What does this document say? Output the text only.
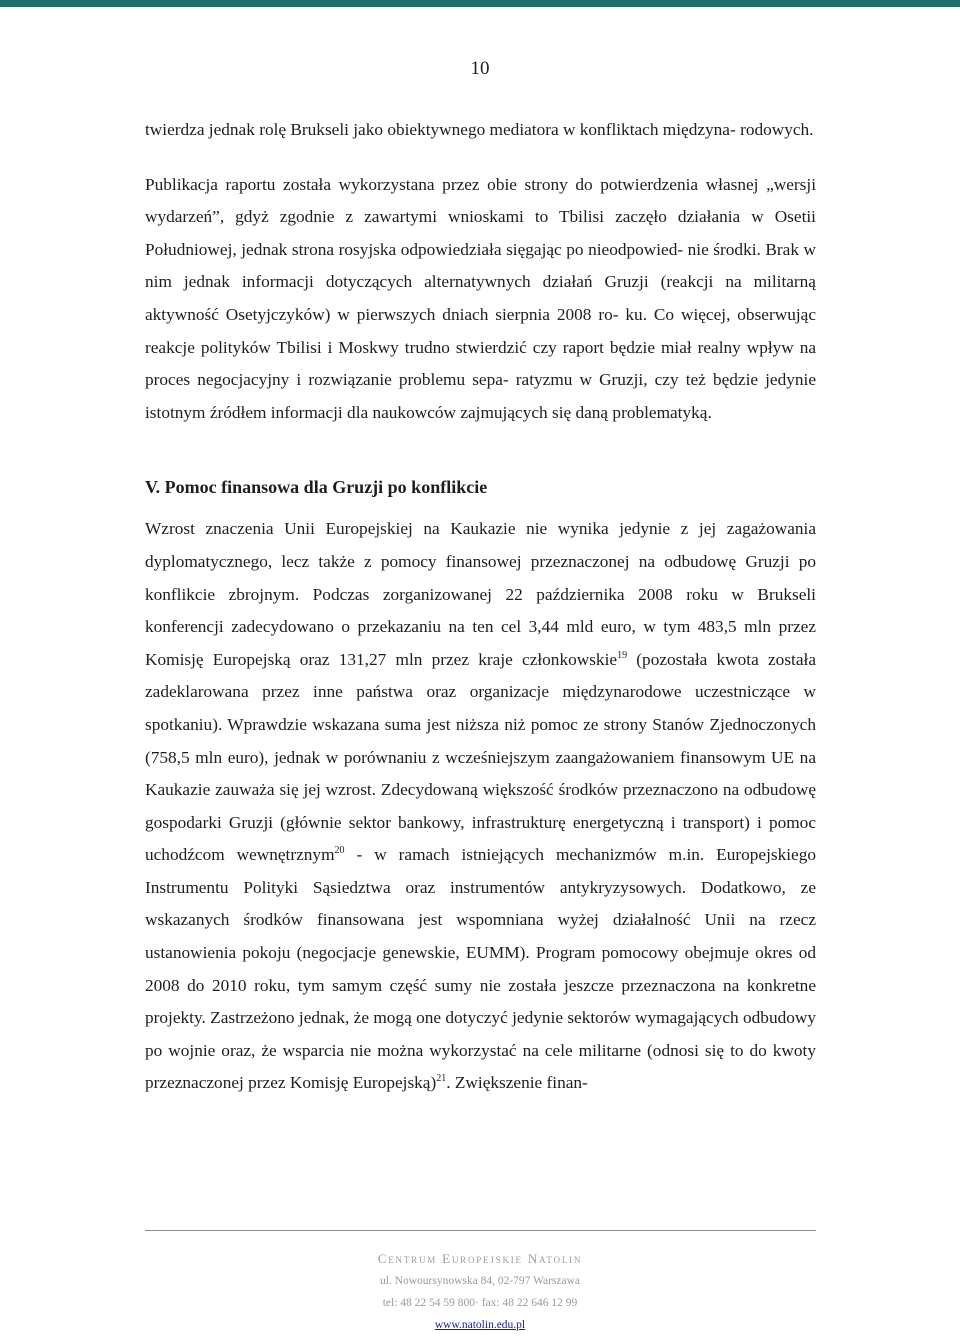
10

twierdza jednak rolę Brukseli jako obiektywnego mediatora w konfliktach międzyna- rodowych.

Publikacja raportu została wykorzystana przez obie strony do potwierdzenia własnej „wersji wydarzeń”, gdyż zgodnie z zawartymi wnioskami to Tbilisi zaczęło działania w Osetii Południowej, jednak strona rosyjska odpowiedziała sięgając po nieodpowied- nie środki. Brak w nim jednak informacji dotyczących alternatywnych działań Gruzji (reakcji na militarną aktywność Osetyjczyków) w pierwszych dniach sierpnia 2008 ro- ku. Co więcej, obserwując reakcje polityków Tbilisi i Moskwy trudno stwierdzić czy raport będzie miał realny wpływ na proces negocjacyjny i rozwiązanie problemu sepa- ratyzmu w Gruzji, czy też będzie jedynie istotnym źródłem informacji dla naukowców zajmujących się daną problematyką.

V. Pomoc finansowa dla Gruzji po konflikcie

Wzrost znaczenia Unii Europejskiej na Kaukazie nie wynika jedynie z jej zagażowania dyplomatycznego, lecz także z pomocy finansowej przeznaczonej na odbudowę Gruzji po konflikcie zbrojnym. Podczas zorganizowanej 22 października 2008 roku w Brukseli konferencji zadecydowano o przekazaniu na ten cel 3,44 mld euro, w tym 483,5 mln przez Komisję Europejską oraz 131,27 mln przez kraje członkowskie$^{19}$ (pozostała kwota została zadeklarowana przez inne państwa oraz organizacje międzynarodowe uczestniczące w spotkaniu). Wprawdzie wskazana suma jest niższa niż pomoc ze strony Stanów Zjednoczonych (758,5 mln euro), jednak w porównaniu z wcześniejszym zaangażowaniem finansowym UE na Kaukazie zauważa się jej wzrost. Zdecydowaną większość środków przeznaczono na odbudowę gospodarki Gruzji (głównie sektor bankowy, infrastrukturę energetyczną i transport) i pomoc uchodźcom wewnętrznym$^{20}$ - w ramach istniejących mechanizmów m.in. Europejskiego Instrumentu Polityki Sąsiedztwa oraz instrumentów antykryzysowych. Dodatkowo, ze wskazanych środków finansowana jest wspomniana wyżej działalność Unii na rzecz ustanowienia pokoju (negocjacje genewskie, EUMM). Program pomocowy obejmuje okres od 2008 do 2010 roku, tym samym część sumy nie została jeszcze przeznaczona na konkretne projekty. Zastrzeżono jednak, że mogą one dotyczyć jedynie sektorów wymagających odbudowy po wojnie oraz, że wsparcia nie można wykorzystać na cele militarne (odnosi się to do kwoty przeznaczonej przez Komisję Europejską)$^{21}$. Zwiększenie finan-

Centrum Europejskie Natolin
ul. Nowoursynowska 84, 02-797 Warszawa
tel: 48 22 54 59 800· fax: 48 22 646 12 99
www.natolin.edu.pl
